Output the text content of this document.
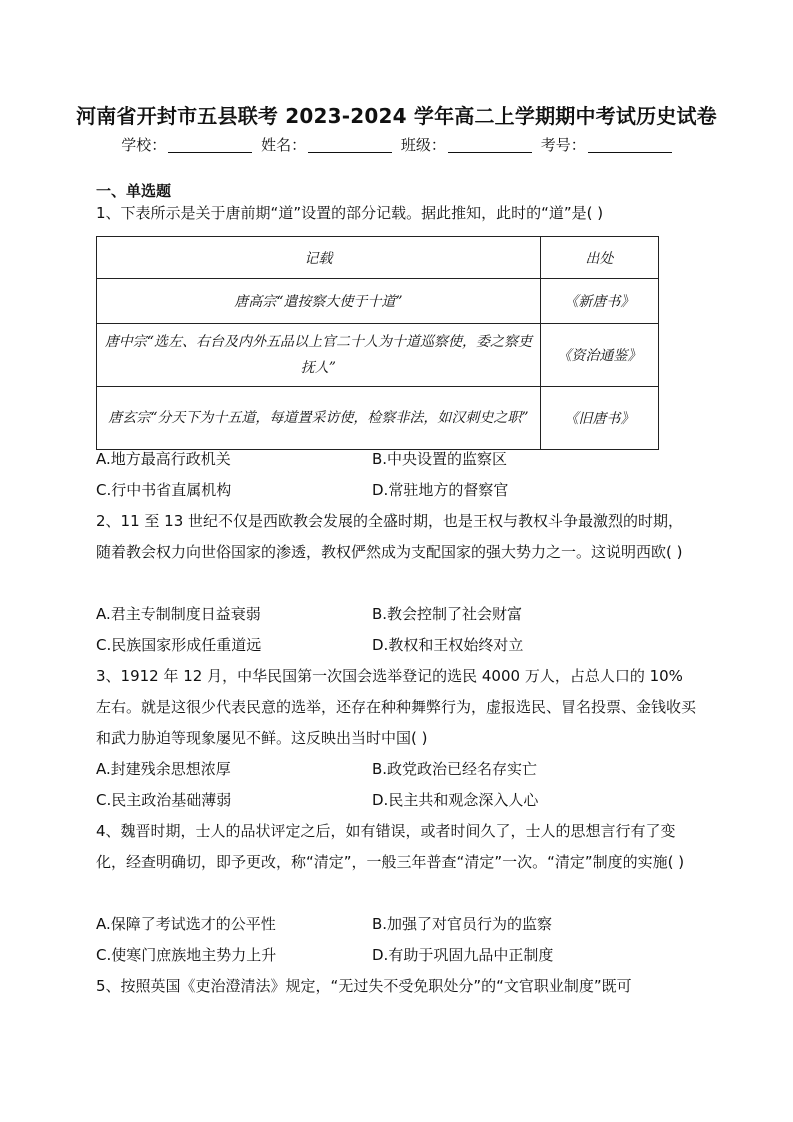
河南省开封市五县联考 2023-2024 学年高二上学期期中考试历史试卷
学校：	姓名：	班级：	考号：
一、单选题
1、下表所示是关于唐前期“道”设置的部分记载。据此推知，此时的“道”是( )
记载	出处
唐高宗“遣按察大使于十道”	《新唐书》
唐中宗“选左、右台及内外五品以上官二十人为十道巡察使，委之察吏抚人”	《资治通鉴》
唐玄宗“分天下为十五道，每道置采访使，检察非法，如汉刺史之职”	《旧唐书》
A.地方最高行政机关	B.中央设置的监察区
C.行中书省直属机构	D.常驻地方的督察官
2、11 至 13 世纪不仅是西欧教会发展的全盛时期，也是王权与教权斗争最激烈的时期，随着教会权力向世俗国家的渗透，教权俨然成为支配国家的强大势力之一。这说明西欧( )
A.君主专制制度日益衰弱	B.教会控制了社会财富
C.民族国家形成任重道远	D.教权和王权始终对立
3、1912 年 12 月，中华民国第一次国会选举登记的选民 4000 万人，占总人口的 10% 左右。就是这很少代表民意的选举，还存在种种舞弊行为，虚报选民、冒名投票、金钱收买和武力胁迫等现象屡见不鲜。这反映出当时中国( )
A.封建残余思想浓厚	B.政党政治已经名存实亡
C.民主政治基础薄弱	D.民主共和观念深入人心
4、魏晋时期，士人的品状评定之后，如有错误，或者时间久了，士人的思想言行有了变化，经查明确切，即予更改，称“清定”，一般三年普查“清定”一次。“清定”制度的实施( )
A.保障了考试选才的公平性	B.加强了对官员行为的监察
C.使寒门庶族地主势力上升	D.有助于巩固九品中正制度
5、按照英国《吏治澄清法》规定，“无过失不受免职处分”的“文官职业制度”既可
